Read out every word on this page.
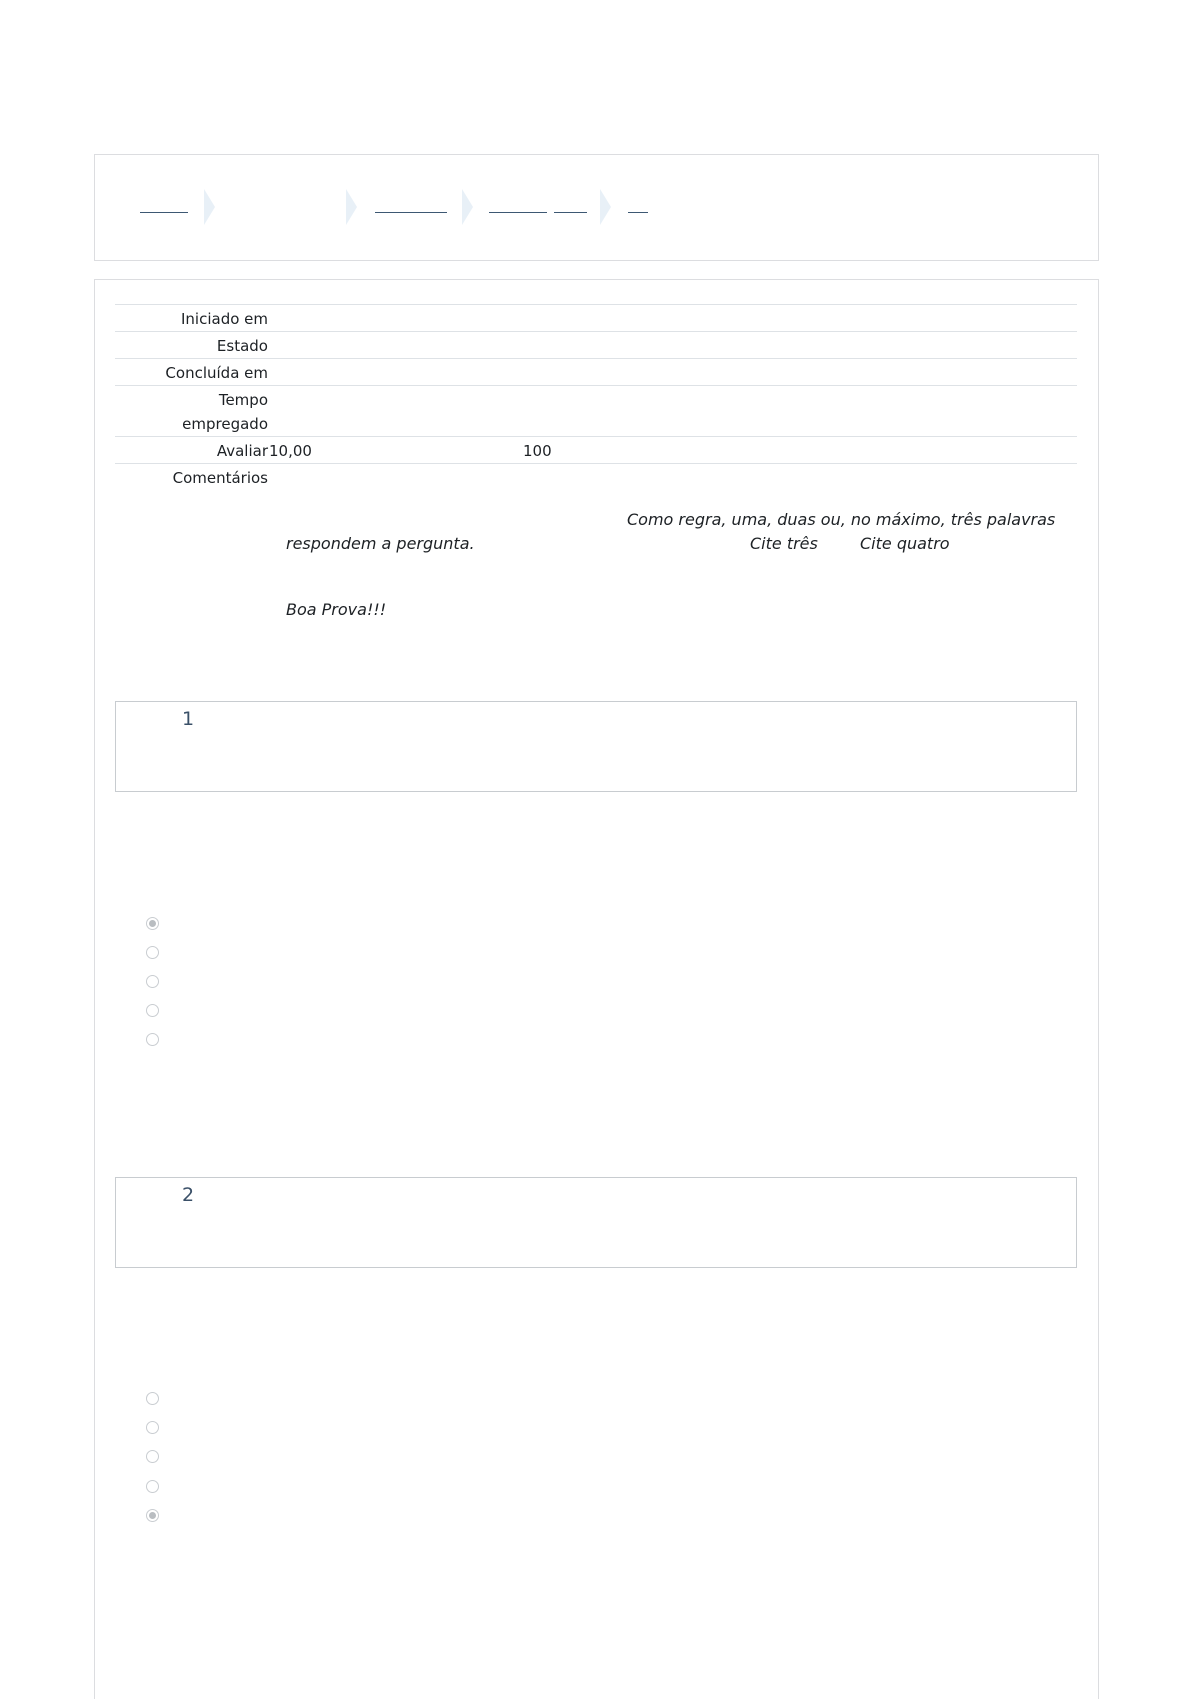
Iniciado em
Estado
Concluída em
Tempo
empregado
Avaliar 10,00	100
Comentários
Como regra, uma, duas ou, no máximo, três palavras
respondem a pergunta.	Cite três	Cite quatro
Boa Prova!!!
1
2
